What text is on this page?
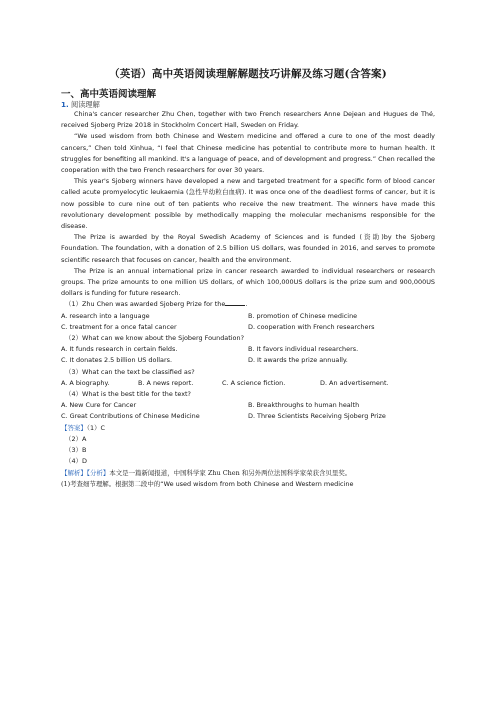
（英语）高中英语阅读理解解题技巧讲解及练习题(含答案)
一、高中英语阅读理解
1. 阅读理解

China's cancer researcher Zhu Chen, together with two French researchers Anne Dejean and Hugues de Thé, received Sjoberg Prize 2018 in Stockholm Concert Hall, Sweden on Friday.

“We used wisdom from both Chinese and Western medicine and offered a cure to one of the most deadly cancers,” Chen told Xinhua, “I feel that Chinese medicine has potential to contribute more to human health. It struggles for benefiting all mankind. It's a language of peace, and of development and progress.” Chen recalled the cooperation with the two French researchers for over 30 years.

This year's Sjoberg winners have developed a new and targeted treatment for a specific form of blood cancer called acute promyelocytic leukaemia (急性早幼粒白血病). It was once one of the deadliest forms of cancer, but it is now possible to cure nine out of ten patients who receive the new treatment. The winners have made this revolutionary development possible by methodically mapping the molecular mechanisms responsible for the disease.

The Prize is awarded by the Royal Swedish Academy of Sciences and is funded (资助)by the Sjoberg Foundation. The foundation, with a donation of 2.5 billion US dollars, was founded in 2016, and serves to promote scientific research that focuses on cancer, health and the environment.

The Prize is an annual international prize in cancer research awarded to individual researchers or research groups. The prize amounts to one million US dollars, of which 100,000US dollars is the prize sum and 900,000US dollars is funding for future research.

（1）Zhu Chen was awarded Sjoberg Prize for the	.

A. research into a language	B. promotion of Chinese medicine
C. treatment for a once fatal cancer	D. cooperation with French researchers

（2）What can we know about the Sjoberg Foundation?

A. It funds research in certain fields.	B. It favors individual researchers.
C. It donates 2.5 billion US dollars.	D. It awards the prize annually.

（3）What can the text be classified as?

A. A biography.	B. A news report.	C. A science fiction.	D. An advertisement.

（4）What is the best title for the text?

A. New Cure for Cancer	B. Breakthroughs to human health
C. Great Contributions of Chinese Medicine	D. Three Scientists Receiving Sjoberg Prize

【答案】（1）C

（2）A

（3）B

（4）D

【解析】【分析】本文是一篇新闻报道，中国科学家 Zhu Chen 和另外两位法国科学家荣获含贝里奖。

(1)考查细节理解。根据第二段中的“We used wisdom from both Chinese and Western medicine
